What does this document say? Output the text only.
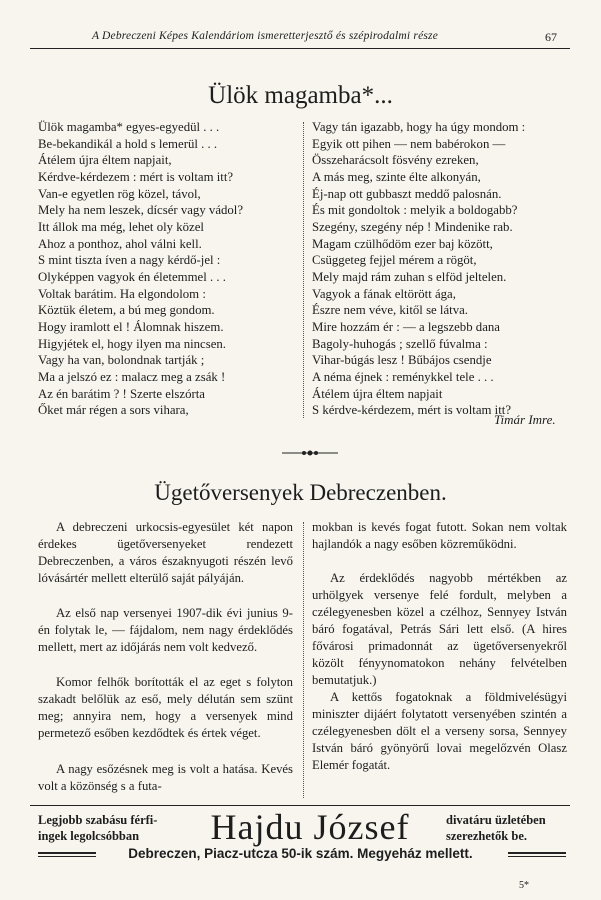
A Debreczeni Képes Kalendáriom ismeretterjesztő és szépirodalmi része	67
Ülök magamba*...
Ülök magamba* egyes-egyedül . . .
Be-bekandikál a hold s lemerül . . .
Átélem újra éltem napjait,
Kérdve-kérdezem : mért is voltam itt?
Van-e egyetlen rög közel, távol,
Mely ha nem leszek, dícsér vagy vádol?
Itt állok ma még, lehet oly közel
Ahoz a ponthoz, ahol válni kell.
S mint tiszta íven a nagy kérdő-jel :
Olyképpen vagyok én életemmel . . .
Voltak barátim. Ha elgondolom :
Köztük életem, a bú meg gondom.
Hogy iramlott el ! Álomnak hiszem.
Higyjétek el, hogy ilyen ma nincsen.
Vagy ha van, bolondnak tartják ;
Ma a jelszó ez : malacz meg a zsák !
Az én barátim ? ! Szerte elszórta
Őket már régen a sors vihara,
Vagy tán igazabb, hogy ha úgy mondom :
Egyik ott pihen — nem babérokon —
Összeharácsolt fösvény ezreken,
A más meg, szinte élte alkonyán,
Éj-nap ott gubbaszt meddő palosnán.
És mit gondoltok : melyik a boldogabb?
Szegény, szegény nép ! Mindenike rab.
Magam czülhődöm ezer baj között,
Csüggeteg fejjel mérem a rögöt,
Mely majd rám zuhan s elföd jeltelen.
Vagyok a fának eltörött ága,
Észre nem véve, kitől se látva.
Mire hozzám ér : — a legszebb dana
Bagoly-huhogás ; szellő fúvalma :
Vihar-búgás lesz ! Bűbájos csendje
A néma éjnek : reménykkel tele . . .
Átélem újra éltem napjait
S kérdve-kérdezem, mért is voltam itt?
Timár Imre.
Ügetőversenyek Debreczenben.

A debreczeni urkocsis-egyesület két napon érdekes ügetőversenyeket rendezett Debreczenben, a város északnyugoti részén levő lóvásártér mellett elterülő saját pályáján.

Az első nap versenyei 1907-dik évi junius 9-én folytak le, — fájdalom, nem nagy érdeklődés mellett, mert az időjárás nem volt kedvező.

Komor felhők borították el az eget s folyton szakadt belőlük az eső, mely délután sem szünt meg; annyira nem, hogy a versenyek mind permetező esőben kezdődtek és értek véget.

A nagy esőzésnek meg is volt a hatása. Kevés volt a közönség s a futa-

mokban is kevés fogat futott. Sokan nem voltak hajlandók a nagy esőben közreműködni.

Az érdeklődés nagyobb mértékben az urhölgyek versenye felé fordult, melyben a czélegyenesben közel a czélhoz, Sennyey István báró fogatával, Petrás Sári lett első. (A hires fővárosi primadonnát az ügetőversenyekről közölt fényynomatokon nehány felvételben bemutatjuk.)

A kettős fogatoknak a földmivelésügyi miniszter dijáért folytatott versenyében szintén a czélegyenesben dölt el a verseny sorsa, Sennyey István báró gyönyörű lovai megelőzvén Olasz Elemér fogatát.

Legjobb szabásu férfi-
ingek legolcsóbban Hajdu József	divatáru üzletében
szerezhetők be.
Debreczen, Piacz-utcza 50-ik szám. Megyeház mellett.
5*
